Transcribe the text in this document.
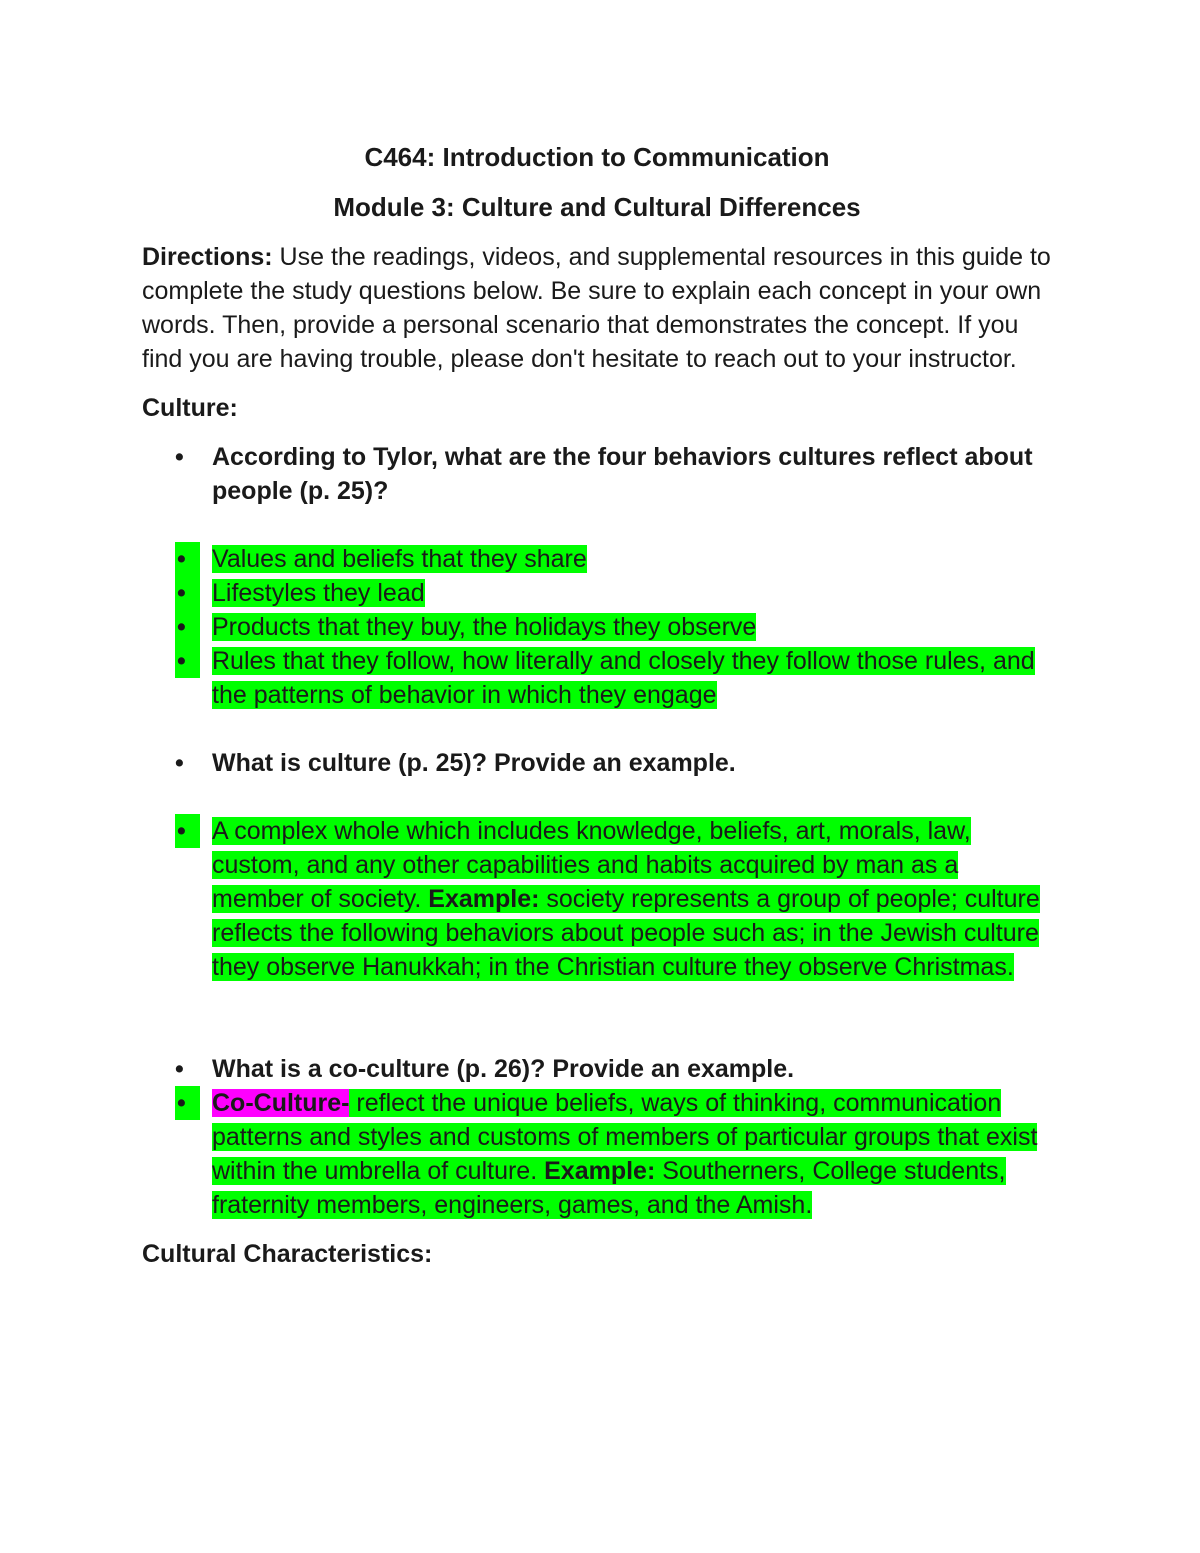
C464: Introduction to Communication

Module 3: Culture and Cultural Differences

Directions: Use the readings, videos, and supplemental resources in this guide to complete the study questions below. Be sure to explain each concept in your own words. Then, provide a personal scenario that demonstrates the concept. If you find you are having trouble, please don't hesitate to reach out to your instructor.

Culture:

• According to Tylor, what are the four behaviors cultures reflect about people (p. 25)?
• Values and beliefs that they share
• Lifestyles they lead
• Products that they buy, the holidays they observe
• Rules that they follow, how literally and closely they follow those rules, and the patterns of behavior in which they engage
• What is culture (p. 25)? Provide an example.
• A complex whole which includes knowledge, beliefs, art, morals, law, custom, and any other capabilities and habits acquired by man as a member of society. Example: society represents a group of people; culture reflects the following behaviors about people such as; in the Jewish culture they observe Hanukkah; in the Christian culture they observe Christmas.
• What is a co-culture (p. 26)? Provide an example.
• Co-Culture- reflect the unique beliefs, ways of thinking, communication patterns and styles and customs of members of particular groups that exist within the umbrella of culture. Example: Southerners, College students, fraternity members, engineers, games, and the Amish.

Cultural Characteristics:
